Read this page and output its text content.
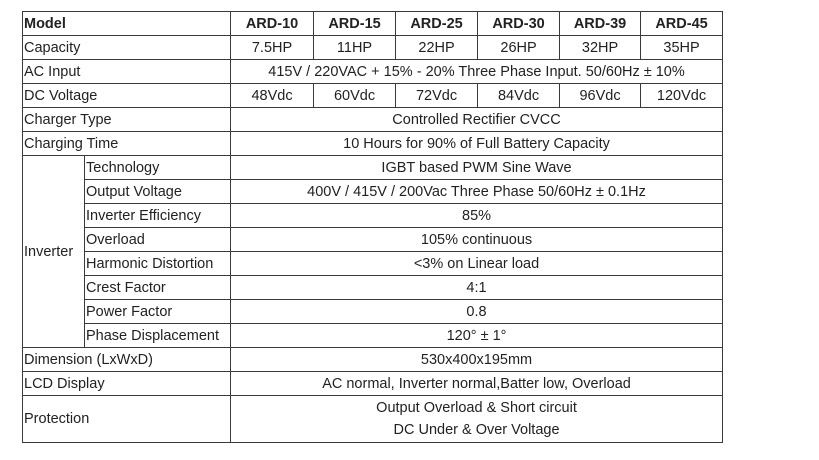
Model		ARD-10	ARD-15	ARD-25	ARD-30	ARD-39	ARD-45
Capacity		7.5HP	11HP	22HP	26HP	32HP	35HP
AC Input		415V / 220VAC + 15% - 20% Three Phase Input. 50/60Hz ± 10%					
DC Voltage		48Vdc	60Vdc	72Vdc	84Vdc	96Vdc	120Vdc
Charger Type		Controlled Rectifier CVCC					
Charging Time		10 Hours for 90% of Full Battery Capacity					
Inverter	Technology	IGBT based PWM Sine Wave					
	Output Voltage	400V / 415V / 200Vac Three Phase 50/60Hz ± 0.1Hz					
	Inverter Efficiency	85%					
	Overload	105% continuous					
	Harmonic Distortion	<3% on Linear load					
	Crest Factor	4:1					
	Power Factor	0.8					
	Phase Displacement	120° ± 1°					
Dimension (LxWxD)		530x400x195mm					
LCD Display		AC normal, Inverter normal,Batter low, Overload					
Protection		Output Overload & Short circuit
DC Under & Over Voltage					
